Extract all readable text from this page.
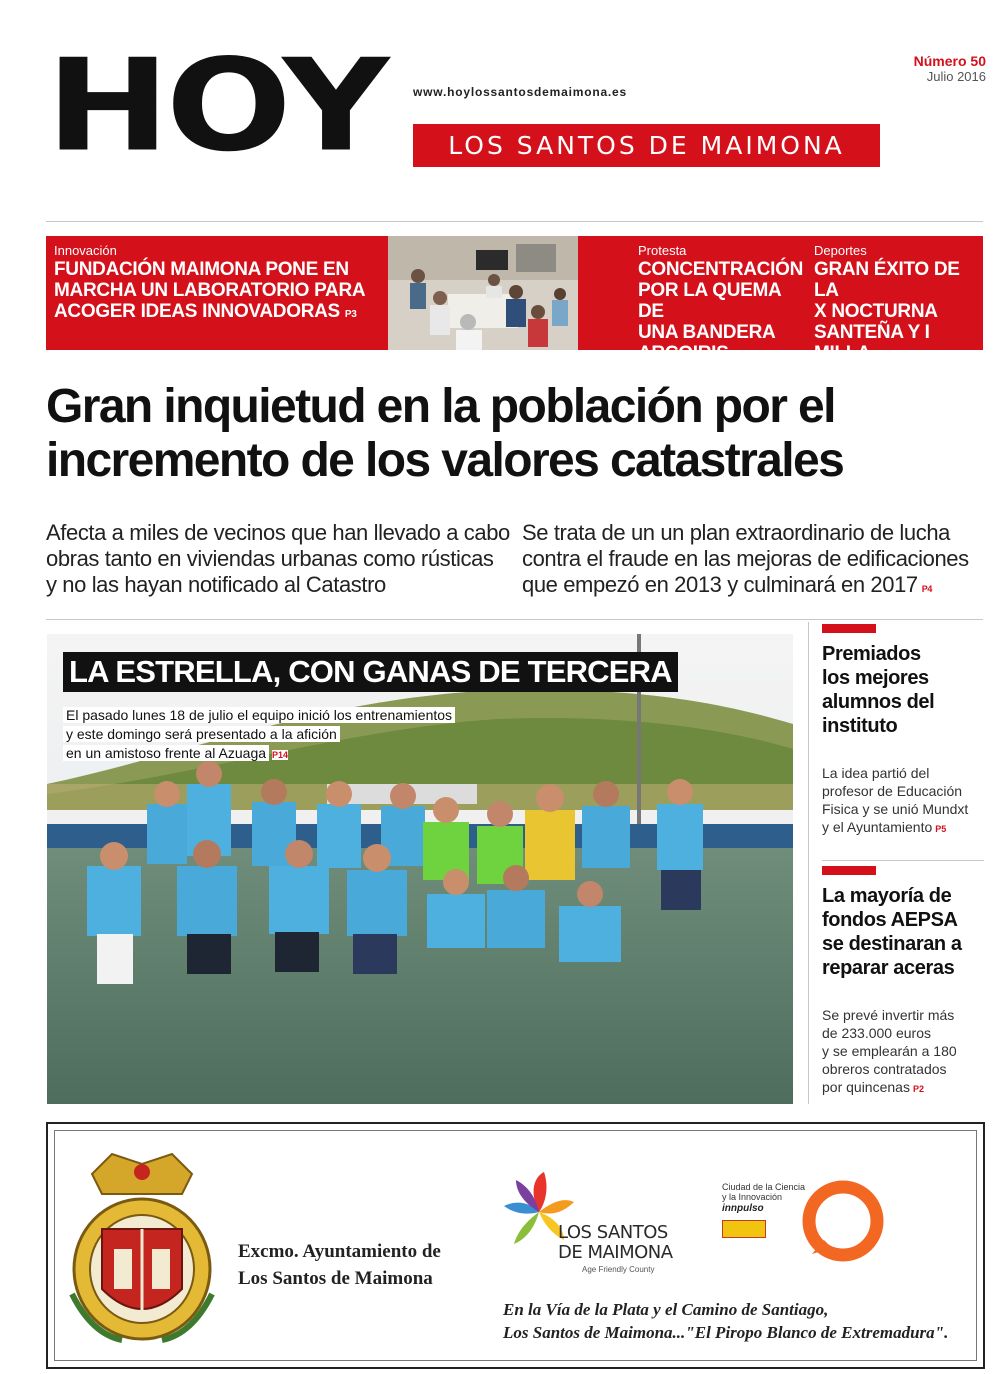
HOY www.hoylossantosdemaimona.es
LOS SANTOS DE MAIMONA
Número 50
Julio 2016
Innovación
FUNDACIÓN MAIMONA PONE EN
MARCHA UN LABORATORIO PARA
ACOGER IDEAS INNOVADORAS P3
Protesta
CONCENTRACIÓN
POR LA QUEMA DE
UNA BANDERA
ARCOIRIS P4
Deportes
GRAN ÉXITO DE LA
X NOCTURNA
SANTEÑA Y I MILLA
VISTAHERMOSA P15
Gran inquietud en la población por el
incremento de los valores catastrales
Afecta a miles de vecinos que han llevado a cabo
obras tanto en viviendas urbanas como rústicas
y no las hayan notificado al Catastro
Se trata de un un plan extraordinario de lucha
contra el fraude en las mejoras de edificaciones
que empezó en 2013 y culminará en 2017 P4
LA ESTRELLA, CON GANAS DE TERCERA
El pasado lunes 18 de julio el equipo inició los entrenamientos
y este domingo será presentado a la afición
en un amistoso frente al Azuaga P14
Premiados
los mejores
alumnos del
instituto
La idea partió del
profesor de Educación
Fisica y se unió Mundxt
y el Ayuntamiento P5
La mayoría de
fondos AEPSA
se destinaran a
reparar aceras
Se prevé invertir más
de 233.000 euros
y se emplearán a 180
obreros contratados
por quincenas P2
Excmo. Ayuntamiento de
Los Santos de Maimona
LOS SANTOS
DE MAIMONA
Age Friendly County
Ciudad de la Ciencia
y la Innovación
innpulso
En la Vía de la Plata y el Camino de Santiago,
Los Santos de Maimona..."El Piropo Blanco de Extremadura".
